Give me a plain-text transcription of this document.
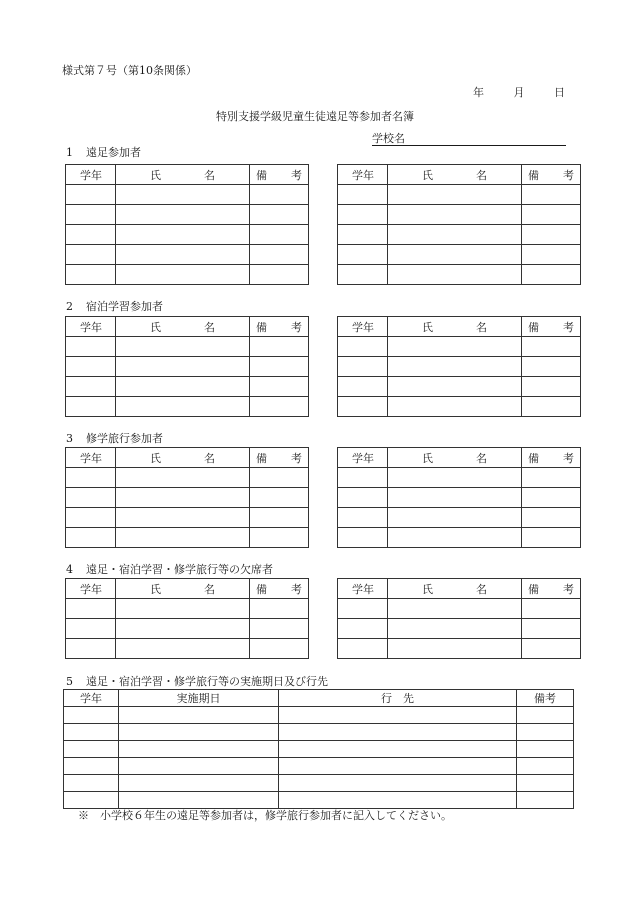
様式第７号（第10条関係）
年	月	日
特別支援学級児童生徒遠足等参加者名簿
学校名
1 遠足参加者
2 宿泊学習参加者
3 修学旅行参加者
4 遠足・宿泊学習・修学旅行等の欠席者
5 遠足・宿泊学習・修学旅行等の実施期日及び行先
学 年	氏 名	備 考

			学 年	氏 名	備 考

学 年	氏 名	備 考

			学 年	氏 名	備 考

学 年	氏 名	備 考

			学 年	氏 名	備 考

学 年	氏 名	備 考

			学 年	氏 名	備 考

学年	実施期日	行　先	備考

※　小学校６年生の遠足等参加者は，修学旅行参加者に記入してください。
